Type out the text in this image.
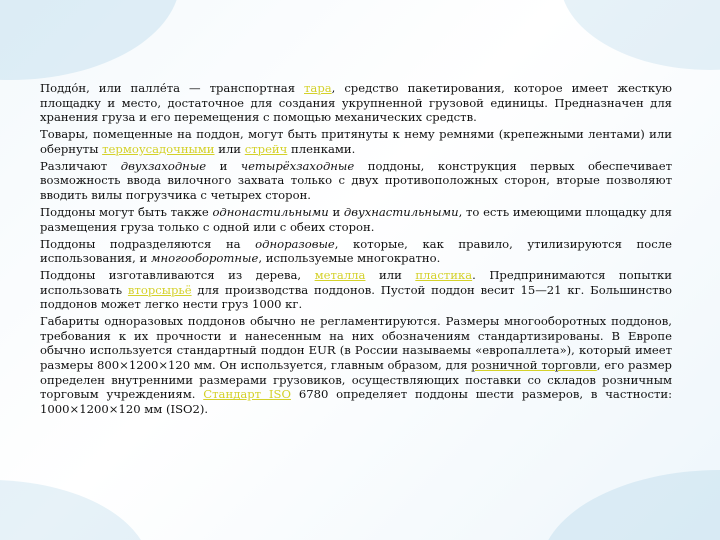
Поддо́н, или палле́та — транспортная тара, средство пакетирования, которое имеет жесткую площадку и место, достаточное для создания укрупненной грузовой единицы. Предназначен для хранения груза и его перемещения с помощью механических средств.

Товары, помещенные на поддон, могут быть притянуты к нему ремнями (крепежными лентами) или обернуты термоусадочными или стрейч пленками.

Различают двухзаходные и четырёхзаходные поддоны, конструкция первых обеспечивает возможность ввода вилочного захвата только с двух противоположных сторон, вторые позволяют вводить вилы погрузчика с четырех сторон.

Поддоны могут быть также однонастильными и двухнастильными, то есть имеющими площадку для размещения груза только с одной или с обеих сторон.

Поддоны подразделяются на одноразовые, которые, как правило, утилизируются после использования, и многооборотные, используемые многократно.

Поддоны изготавливаются из дерева, металла или пластика. Предпринимаются попытки использовать вторсырьё для производства поддонов. Пустой поддон весит 15—21 кг. Большинство поддонов может легко нести груз 1000 кг.

Габариты одноразовых поддонов обычно не регламентируются. Размеры многооборотных поддонов, требования к их прочности и нанесенным на них обозначениям стандартизированы. В Европе обычно используется стандартный поддон EUR (в России называемы «европаллета»), который имеет размеры 800×1200×120 мм. Он используется, главным образом, для розничной торговли, его размер определен внутренними размерами грузовиков, осуществляющих поставки со складов розничным торговым учреждениям. Стандарт ISO 6780 определяет поддоны шести размеров, в частности: 1000×1200×120 мм (ISO2).
